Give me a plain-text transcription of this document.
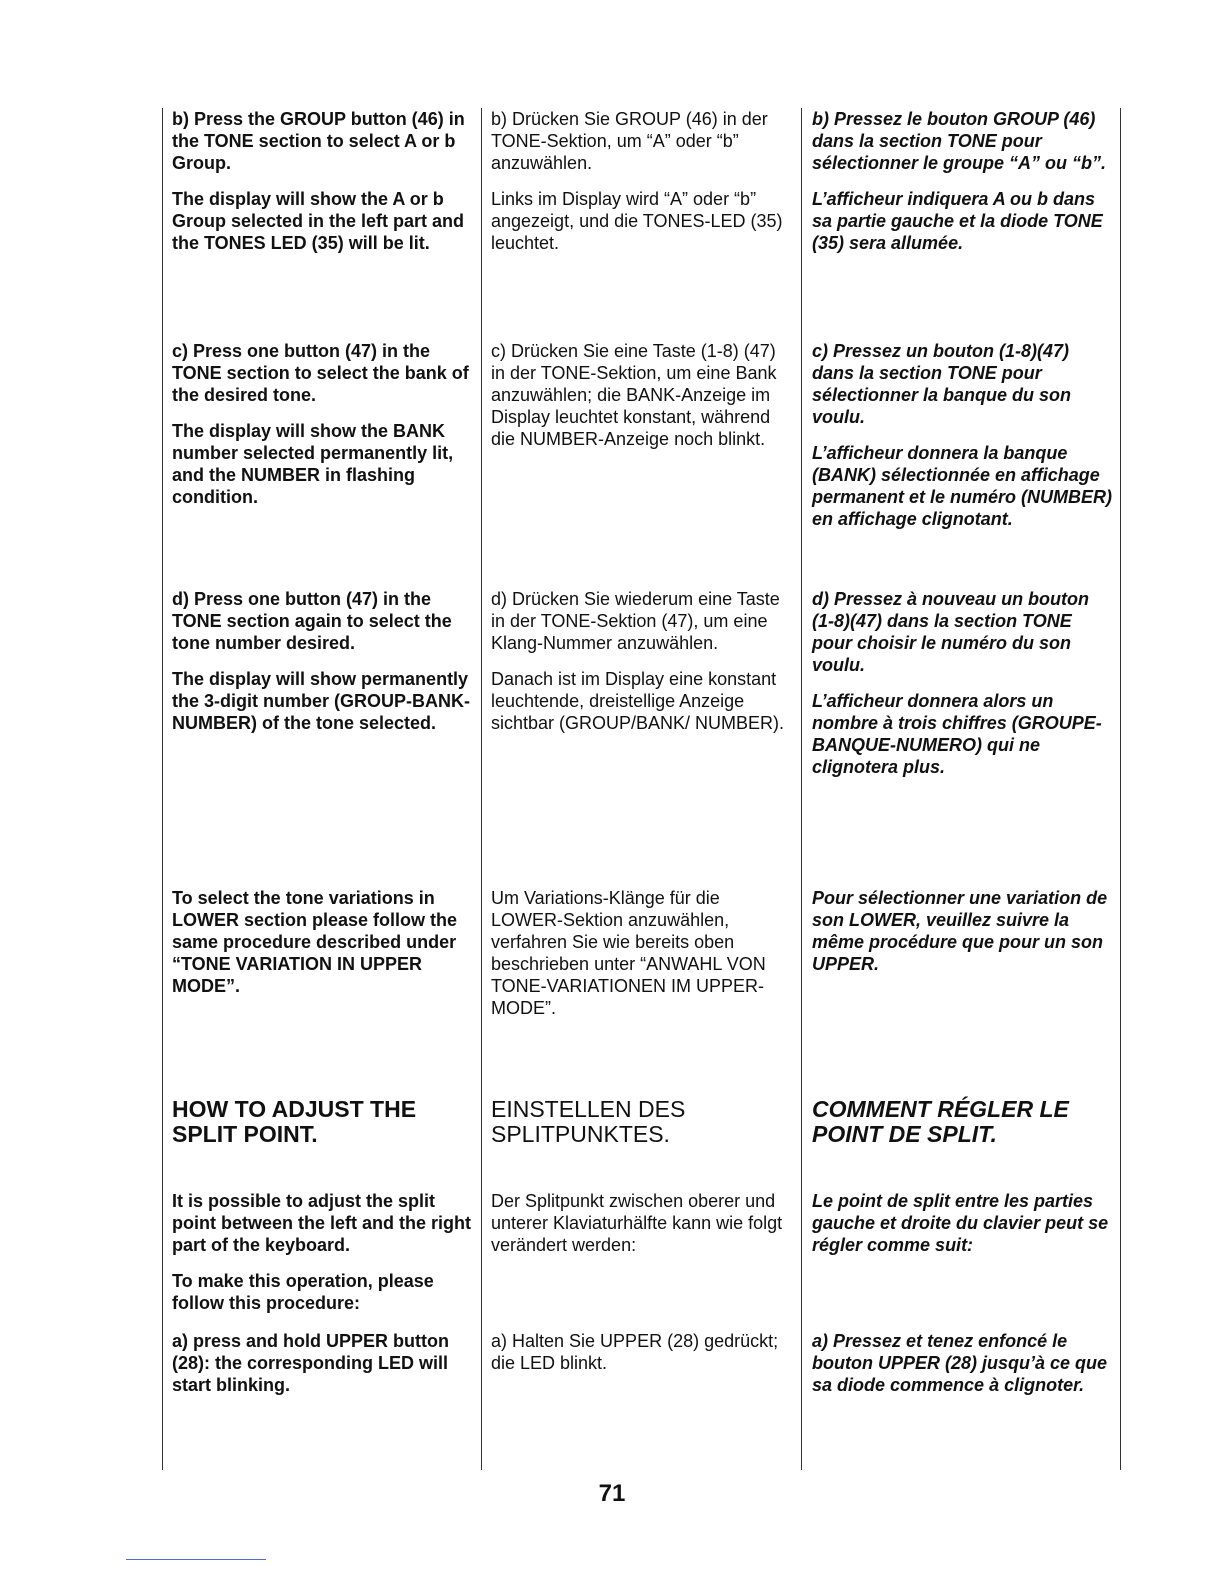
b) Press the GROUP button (46) in the TONE section to select A or b Group.

The display will show the A or b Group selected in the left part and the TONES LED (35) will be lit.

c) Press one button (47) in the TONE section to select the bank of the desired tone.

The display will show the BANK number selected permanently lit, and the NUMBER in flashing condition.

d) Press one button (47) in the TONE section again to select the tone number desired.

The display will show permanently the 3-digit number (GROUP-BANK-NUMBER) of the tone selected.

To select the tone variations in LOWER section please follow the same procedure described under “TONE VARIATION IN UPPER MODE”.

HOW TO ADJUST THE SPLIT POINT.

It is possible to adjust the split point between the left and the right part of the keyboard.

To make this operation, please follow this procedure:

a) press and hold UPPER button (28): the corresponding LED will start blinking.

b) Drücken Sie GROUP (46) in der TONE-Sektion, um “A” oder “b” anzuwählen.

Links im Display wird “A” oder “b” angezeigt, und die TONES-LED (35) leuchtet.

c) Drücken Sie eine Taste (1-8) (47) in der TONE-Sektion, um eine Bank anzuwählen; die BANK-Anzeige im Display leuchtet konstant, während die NUMBER-Anzeige noch blinkt.

d) Drücken Sie wiederum eine Taste in der TONE-Sektion (47), um eine Klang-Nummer anzuwählen.

Danach ist im Display eine konstant leuchtende, dreistellige Anzeige sichtbar (GROUP/BANK/ NUMBER).

Um Variations-Klänge für die LOWER-Sektion anzuwählen, verfahren Sie wie bereits oben beschrieben unter “ANWAHL VON TONE-VARIATIONEN IM UPPER-MODE”.

EINSTELLEN DES SPLITPUNKTES.

Der Splitpunkt zwischen oberer und unterer Klaviaturhälfte kann wie folgt verändert werden:

a) Halten Sie UPPER (28) gedrückt; die LED blinkt.

b) Pressez le bouton GROUP (46) dans la section TONE pour sélectionner le groupe “A” ou “b”.

L’afficheur indiquera A ou b dans sa partie gauche et la diode TONE (35) sera allumée.

c) Pressez un bouton (1-8)(47) dans la section TONE pour sélectionner la banque du son voulu.

L’afficheur donnera la banque (BANK) sélectionnée en affichage permanent et le numéro (NUMBER) en affichage clignotant.

d) Pressez à nouveau un bouton (1-8)(47) dans la section TONE pour choisir le numéro du son voulu.

L’afficheur donnera alors un nombre à trois chiffres (GROUPE-BANQUE-NUMERO) qui ne clignotera plus.

Pour sélectionner une variation de son LOWER, veuillez suivre la même procédure que pour un son UPPER.

COMMENT RÉGLER LE POINT DE SPLIT.

Le point de split entre les parties gauche et droite du clavier peut se régler comme suit:

a) Pressez et tenez enfoncé le bouton UPPER (28) jusqu’à ce que sa diode commence à clignoter.

71
